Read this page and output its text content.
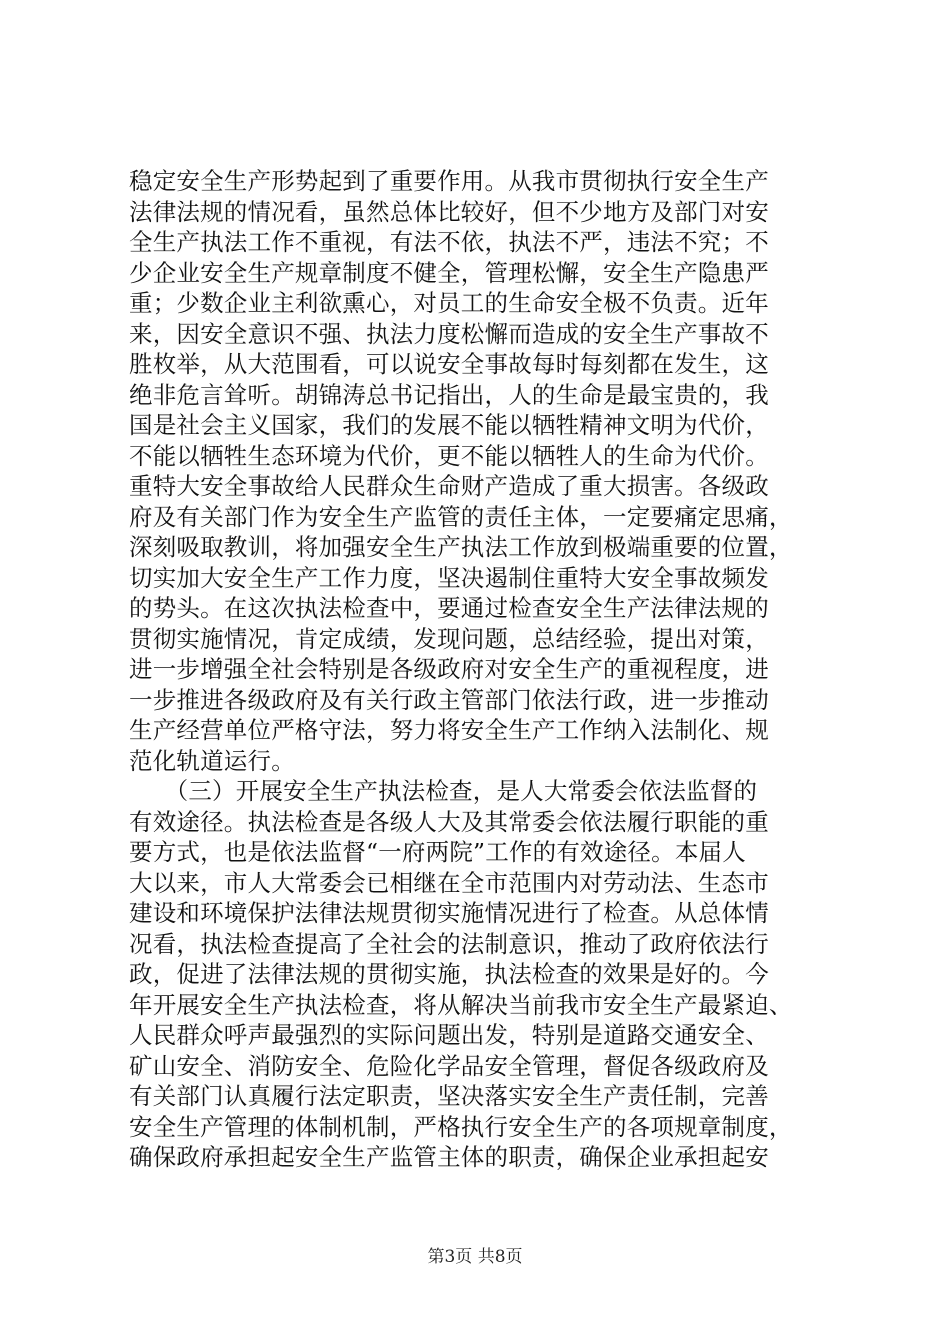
稳定安全生产形势起到了重要作用。从我市贯彻执行安全生产
法律法规的情况看，虽然总体比较好，但不少地方及部门对安
全生产执法工作不重视，有法不依，执法不严，违法不究；不
少企业安全生产规章制度不健全，管理松懈，安全生产隐患严
重；少数企业主利欲熏心，对员工的生命安全极不负责。近年
来，因安全意识不强、执法力度松懈而造成的安全生产事故不
胜枚举，从大范围看，可以说安全事故每时每刻都在发生，这
绝非危言耸听。胡锦涛总书记指出，人的生命是最宝贵的，我
国是社会主义国家，我们的发展不能以牺牲精神文明为代价，
不能以牺牲生态环境为代价，更不能以牺牲人的生命为代价。
重特大安全事故给人民群众生命财产造成了重大损害。各级政
府及有关部门作为安全生产监管的责任主体，一定要痛定思痛，
深刻吸取教训，将加强安全生产执法工作放到极端重要的位置，
切实加大安全生产工作力度，坚决遏制住重特大安全事故频发
的势头。在这次执法检查中，要通过检查安全生产法律法规的
贯彻实施情况，肯定成绩，发现问题，总结经验，提出对策，
进一步增强全社会特别是各级政府对安全生产的重视程度，进
一步推进各级政府及有关行政主管部门依法行政，进一步推动
生产经营单位严格守法，努力将安全生产工作纳入法制化、规
范化轨道运行。
　　（三）开展安全生产执法检查，是人大常委会依法监督的
有效途径。执法检查是各级人大及其常委会依法履行职能的重
要方式，也是依法监督“一府两院”工作的有效途径。本届人
大以来，市人大常委会已相继在全市范围内对劳动法、生态市
建设和环境保护法律法规贯彻实施情况进行了检查。从总体情
况看，执法检查提高了全社会的法制意识，推动了政府依法行
政，促进了法律法规的贯彻实施，执法检查的效果是好的。今
年开展安全生产执法检查，将从解决当前我市安全生产最紧迫、
人民群众呼声最强烈的实际问题出发，特别是道路交通安全、
矿山安全、消防安全、危险化学品安全管理，督促各级政府及
有关部门认真履行法定职责，坚决落实安全生产责任制，完善
安全生产管理的体制机制，严格执行安全生产的各项规章制度，
确保政府承担起安全生产监管主体的职责，确保企业承担起安
第3页 共8页
